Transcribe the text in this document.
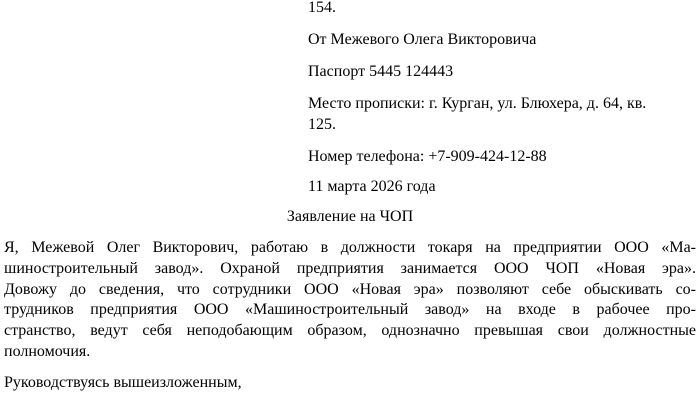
154.
От Межевого Олега Викторовича
Паспорт 5445 124443
Место прописки: г. Курган, ул. Блюхера, д. 64, кв.
125.
Номер телефона: +7-909-424-12-88
11 марта 2026 года
Заявление на ЧОП

Я, Межевой Олег Викторович, работаю в должности токаря на предприятии ООО «Ма-
шиностроительный завод». Охраной предприятия занимается ООО ЧОП «Новая эра».
Довожу до сведения, что сотрудники ООО «Новая эра» позволяют себе обыскивать со-
трудников предприятия ООО «Машиностроительный завод» на входе в рабочее про-
странство, ведут себя неподобающим образом, однозначно превышая свои должностные
полномочия.

Руководствуясь вышеизложенным,
